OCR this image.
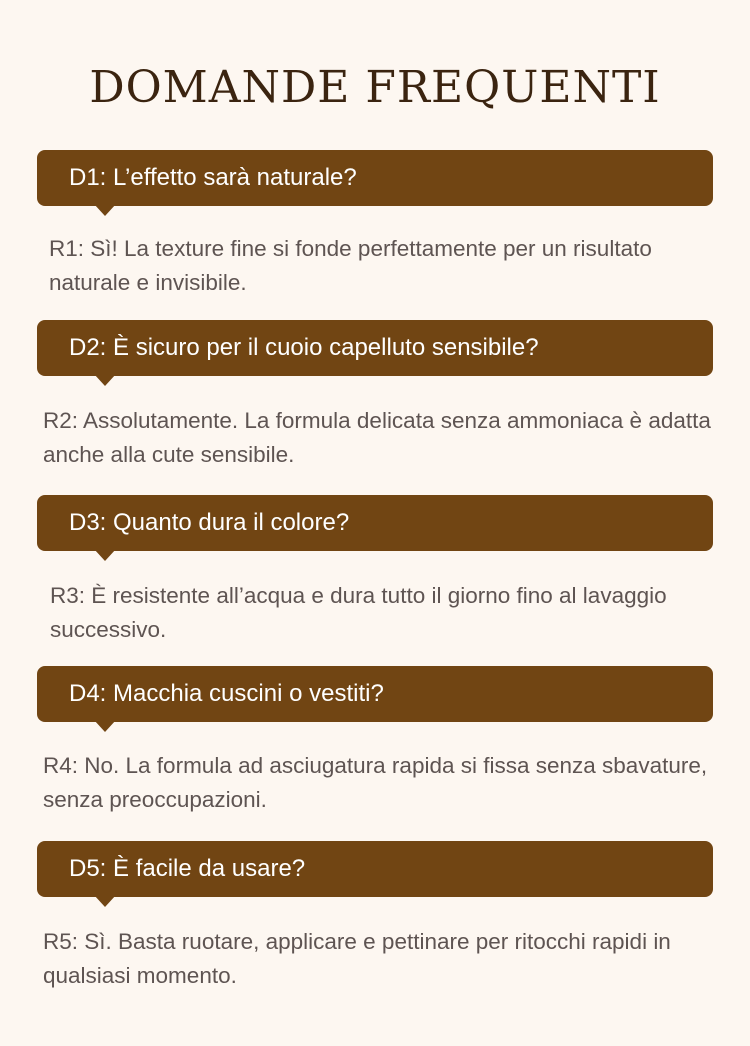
DOMANDE FREQUENTI
D1: L’effetto sarà naturale?

R1: Sì! La texture fine si fonde perfettamente per un risultato naturale e invisibile.

D2: È sicuro per il cuoio capelluto sensibile?

R2: Assolutamente. La formula delicata senza ammoniaca è adatta anche alla cute sensibile.

D3: Quanto dura il colore?

R3: È resistente all’acqua e dura tutto il giorno fino al lavaggio successivo.

D4: Macchia cuscini o vestiti?

R4: No. La formula ad asciugatura rapida si fissa senza sbavature, senza preoccupazioni.

D5: È facile da usare?

R5: Sì. Basta ruotare, applicare e pettinare per ritocchi rapidi in qualsiasi momento.
